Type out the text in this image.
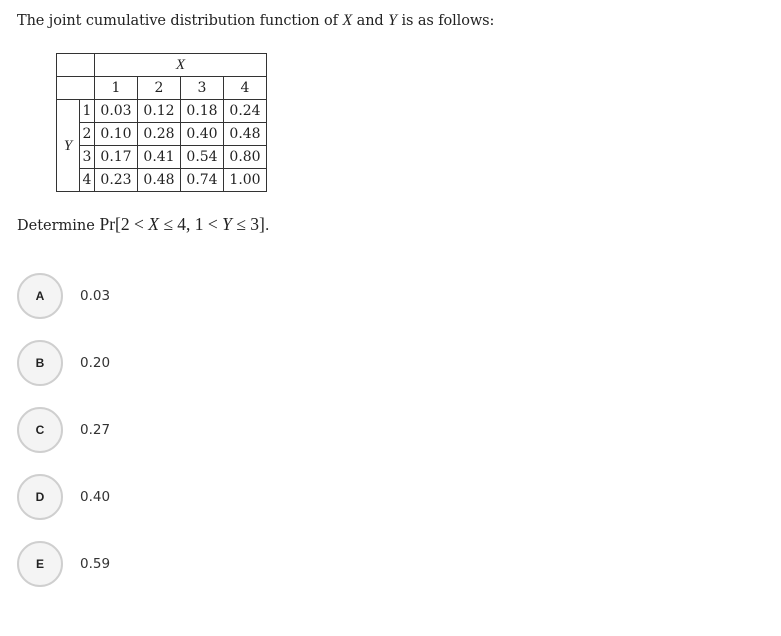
The joint cumulative distribution function of X and Y is as follows:
		X			
		1	2	3	4
Y	1	0.03	0.12	0.18	0.24
	2	0.10	0.28	0.40	0.48
	3	0.17	0.41	0.54	0.80
	4	0.23	0.48	0.74	1.00
Determine Pr[2 < X ≤ 4, 1 < Y ≤ 3].
A	0.03
B	0.20
C	0.27
D	0.40
E	0.59
